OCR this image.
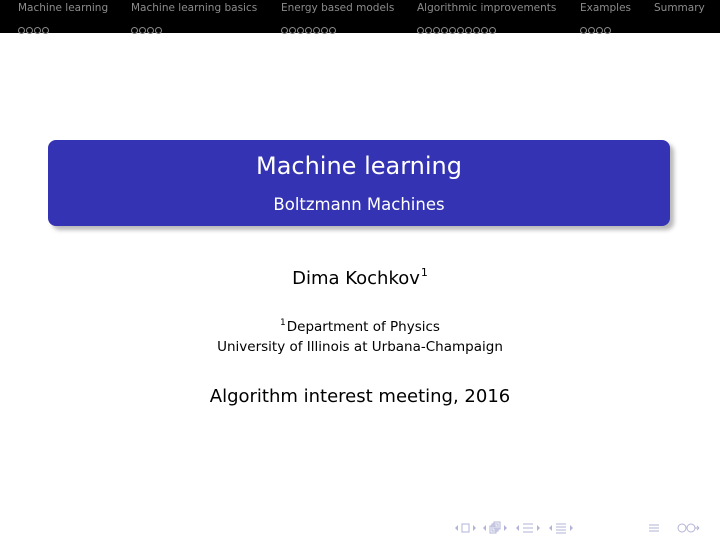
Machine learning Machine learning basics Energy based models Algorithmic improvements Examples Summary
Machine learning
Boltzmann Machines
Dima Kochkov$^1$
$^1$Department of Physics
University of Illinois at Urbana-Champaign
Algorithm interest meeting, 2016
